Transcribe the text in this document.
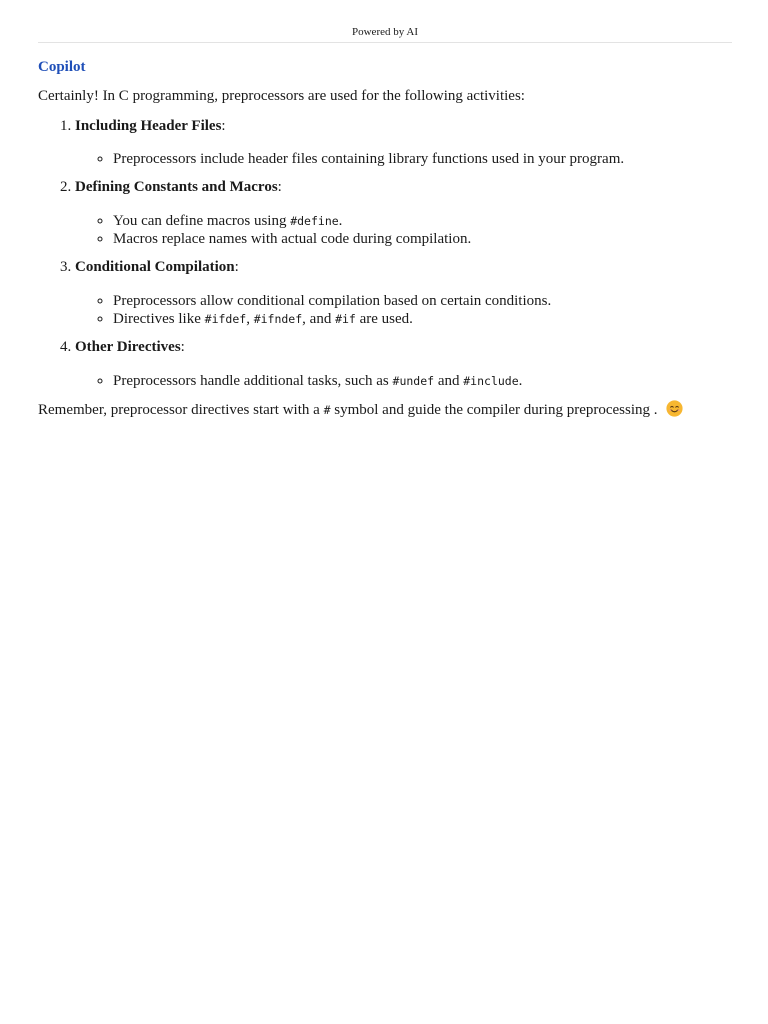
Powered by AI
Copilot

Certainly! In C programming, preprocessors are used for the following activities:

1. Including Header Files:
◦ Preprocessors include header files containing library functions used in your program.
2. Defining Constants and Macros:
◦ You can define macros using #define.
◦ Macros replace names with actual code during compilation.
3. Conditional Compilation:
◦ Preprocessors allow conditional compilation based on certain conditions.
◦ Directives like #ifdef, #ifndef, and #if are used.
4. Other Directives:
◦ Preprocessors handle additional tasks, such as #undef and #include.

Remember, preprocessor directives start with a # symbol and guide the compiler during preprocessing .
